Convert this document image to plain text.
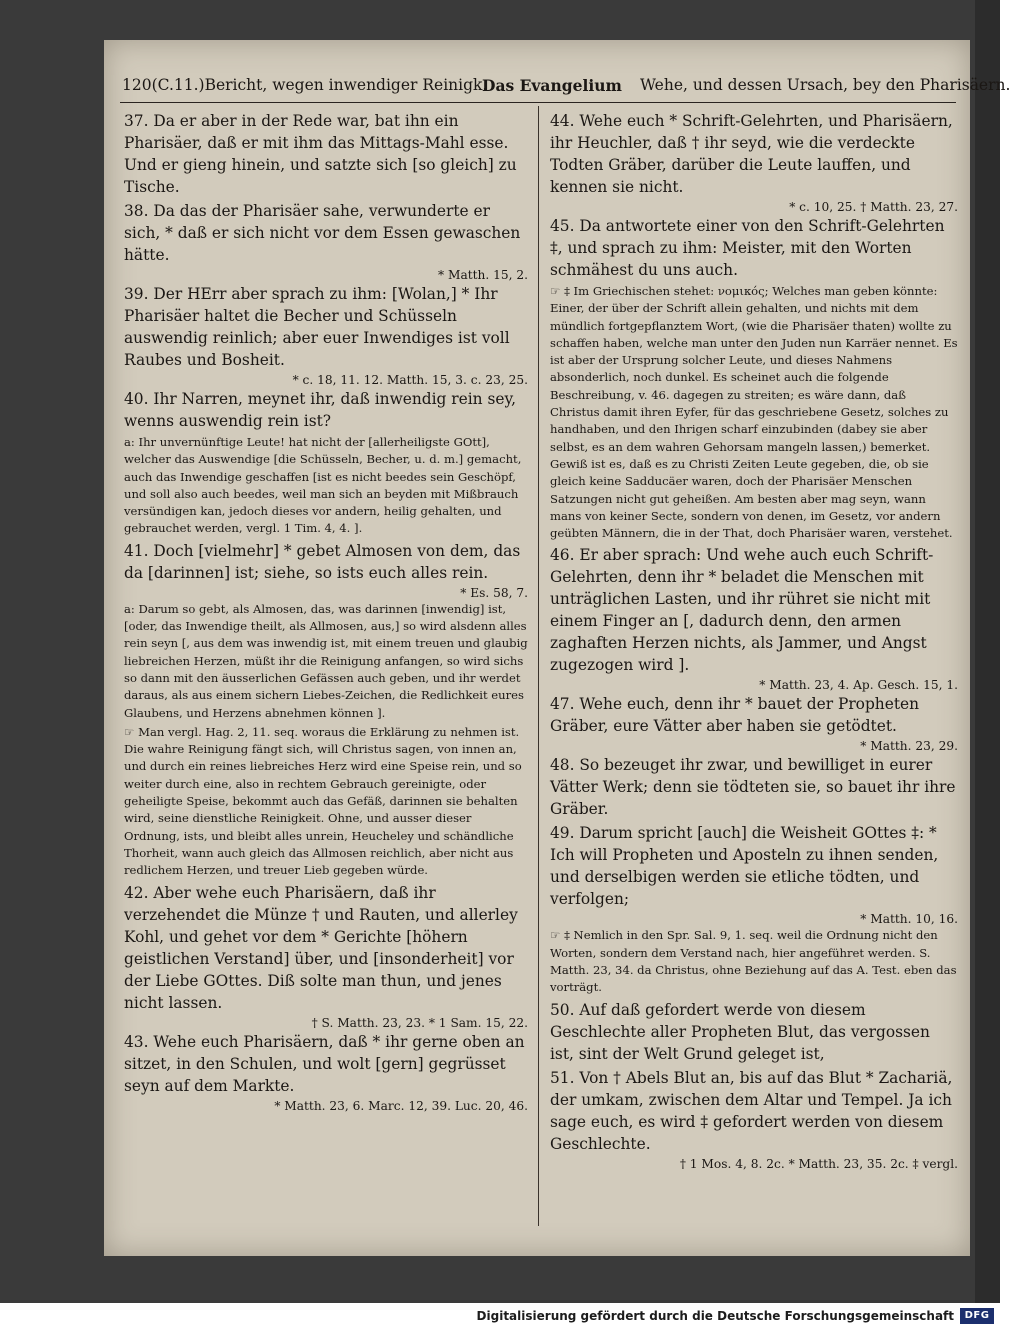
120(C.11.)Bericht, wegen inwendiger Reinigk.
Das Evangelium Wehe, und dessen Ursach, bey den Pharisäern.

37. Da er aber in der Rede war, bat ihn ein Pharisäer, daß er mit ihm das Mittags-Mahl esse. Und er gieng hinein, und satzte sich [so gleich] zu Tische.

38. Da das der Pharisäer sahe, verwunderte er sich, * daß er sich nicht vor dem Essen gewaschen hätte.

* Matth. 15, 2.

39. Der HErr aber sprach zu ihm: [Wolan,] * Ihr Pharisäer haltet die Becher und Schüsseln auswendig reinlich; aber euer Inwendiges ist voll Raubes und Bosheit.

* c. 18, 11. 12. Matth. 15, 3. c. 23, 25.

40. Ihr Narren, meynet ihr, daß inwendig rein sey, wenns auswendig rein ist?

a: Ihr unvernünftige Leute! hat nicht der [allerheiligste GOtt], welcher das Auswendige [die Schüsseln, Becher, u. d. m.] gemacht, auch das Inwendige geschaffen [ist es nicht beedes sein Geschöpf, und soll also auch beedes, weil man sich an beyden mit Mißbrauch versündigen kan, jedoch dieses vor andern, heilig gehalten, und gebrauchet werden, vergl. 1 Tim. 4, 4. ].

41. Doch [vielmehr] * gebet Almosen von dem, das da [darinnen] ist; siehe, so ists euch alles rein.

* Es. 58, 7.

a: Darum so gebt, als Almosen, das, was darinnen [inwendig] ist, [oder, das Inwendige theilt, als Allmosen, aus,] so wird alsdenn alles rein seyn [, aus dem was inwendig ist, mit einem treuen und glaubig liebreichen Herzen, müßt ihr die Reinigung anfangen, so wird sichs so dann mit den äusserlichen Gefässen auch geben, und ihr werdet daraus, als aus einem sichern Liebes-Zeichen, die Redlichkeit eures Glaubens, und Herzens abnehmen können ].

☞ Man vergl. Hag. 2, 11. seq. woraus die Erklärung zu nehmen ist. Die wahre Reinigung fängt sich, will Christus sagen, von innen an, und durch ein reines liebreiches Herz wird eine Speise rein, und so weiter durch eine, also in rechtem Gebrauch gereinigte, oder geheiligte Speise, bekommt auch das Gefäß, darinnen sie behalten wird, seine dienstliche Reinigkeit. Ohne, und ausser dieser Ordnung, ists, und bleibt alles unrein, Heucheley und schändliche Thorheit, wann auch gleich das Allmosen reichlich, aber nicht aus redlichem Herzen, und treuer Lieb gegeben würde.

42. Aber wehe euch Pharisäern, daß ihr verzehendet die Münze † und Rauten, und allerley Kohl, und gehet vor dem * Gerichte [höhern geistlichen Verstand] über, und [insonderheit] vor der Liebe GOttes. Diß solte man thun, und jenes nicht lassen.

† S. Matth. 23, 23. * 1 Sam. 15, 22.

43. Wehe euch Pharisäern, daß * ihr gerne oben an sitzet, in den Schulen, und wolt [gern] gegrüsset seyn auf dem Markte.

* Matth. 23, 6. Marc. 12, 39. Luc. 20, 46.

44. Wehe euch * Schrift-Gelehrten, und Pharisäern, ihr Heuchler, daß † ihr seyd, wie die verdeckte Todten Gräber, darüber die Leute lauffen, und kennen sie nicht.

* c. 10, 25. † Matth. 23, 27.

45. Da antwortete einer von den Schrift-Gelehrten ‡, und sprach zu ihm: Meister, mit den Worten schmähest du uns auch.

☞ ‡ Im Griechischen stehet: νομικός; Welches man geben könnte: Einer, der über der Schrift allein gehalten, und nichts mit dem mündlich fortgepflanztem Wort, (wie die Pharisäer thaten) wollte zu schaffen haben, welche man unter den Juden nun Karräer nennet. Es ist aber der Ursprung solcher Leute, und dieses Nahmens absonderlich, noch dunkel. Es scheinet auch die folgende Beschreibung, v. 46. dagegen zu streiten; es wäre dann, daß Christus damit ihren Eyfer, für das geschriebene Gesetz, solches zu handhaben, und den Ihrigen scharf einzubinden (dabey sie aber selbst, es an dem wahren Gehorsam mangeln lassen,) bemerket. Gewiß ist es, daß es zu Christi Zeiten Leute gegeben, die, ob sie gleich keine Sadducäer waren, doch der Pharisäer Menschen Satzungen nicht gut geheißen. Am besten aber mag seyn, wann mans von keiner Secte, sondern von denen, im Gesetz, vor andern geübten Männern, die in der That, doch Pharisäer waren, verstehet.

46. Er aber sprach: Und wehe auch euch Schrift-Gelehrten, denn ihr * beladet die Menschen mit unträglichen Lasten, und ihr rühret sie nicht mit einem Finger an [, dadurch denn, den armen zaghaften Herzen nichts, als Jammer, und Angst zugezogen wird ].

* Matth. 23, 4. Ap. Gesch. 15, 1.

47. Wehe euch, denn ihr * bauet der Propheten Gräber, eure Vätter aber haben sie getödtet.

* Matth. 23, 29.

48. So bezeuget ihr zwar, und bewilliget in eurer Vätter Werk; denn sie tödteten sie, so bauet ihr ihre Gräber.

49. Darum spricht [auch] die Weisheit GOttes ‡: * Ich will Propheten und Aposteln zu ihnen senden, und derselbigen werden sie etliche tödten, und verfolgen;

* Matth. 10, 16.

☞ ‡ Nemlich in den Spr. Sal. 9, 1. seq. weil die Ordnung nicht den Worten, sondern dem Verstand nach, hier angeführet werden. S. Matth. 23, 34. da Christus, ohne Beziehung auf das A. Test. eben das vorträgt.

50. Auf daß gefordert werde von diesem Geschlechte aller Propheten Blut, das vergossen ist, sint der Welt Grund geleget ist,

51. Von † Abels Blut an, bis auf das Blut * Zachariä, der umkam, zwischen dem Altar und Tempel. Ja ich sage euch, es wird ‡ gefordert werden von diesem Geschlechte.

† 1 Mos. 4, 8. 2c. * Matth. 23, 35. 2c. ‡ vergl.

Digitalisierung gefördert durch die Deutsche Forschungsgemeinschaft	DFG
